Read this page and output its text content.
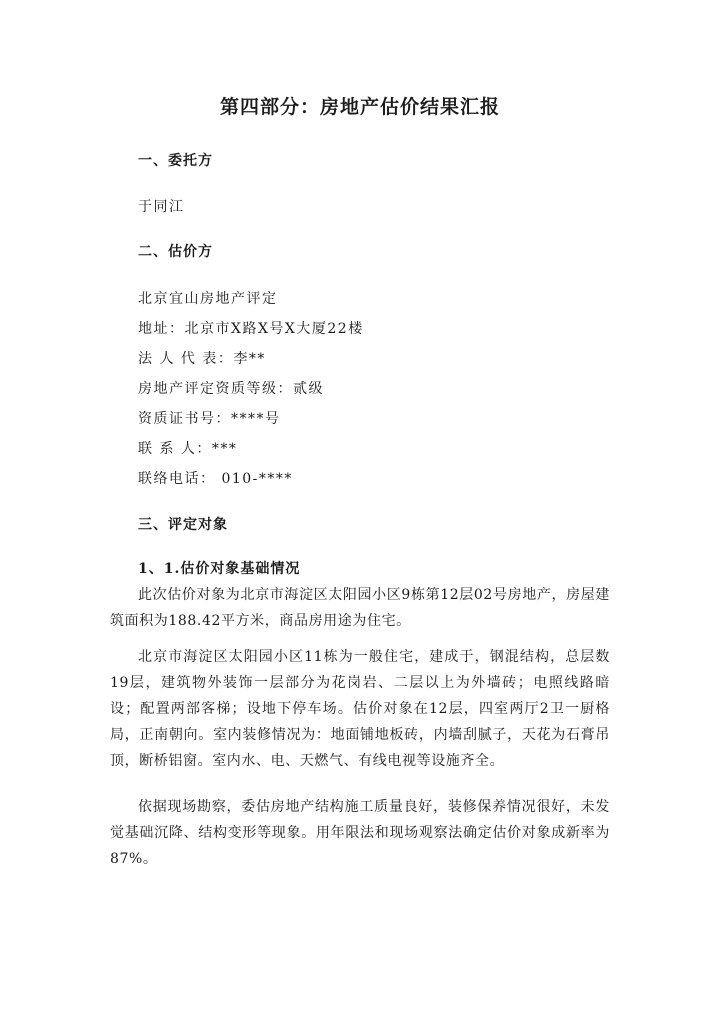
第四部分：房地产估价结果汇报
一、委托方
于同江
二、估价方
北京宜山房地产评定
地址：北京市X路X号X大厦22楼
法 人 代 表：李**
房地产评定资质等级：贰级
资质证书号：****号
联 系 人：***
联络电话： 010-****
三、评定对象
1、1.估价对象基础情况
此次估价对象为北京市海淀区太阳园小区9栋第12层02号房地产，房屋建筑面积为188.42平方米，商品房用途为住宅。
北京市海淀区太阳园小区11栋为一般住宅，建成于，钢混结构，总层数19层，建筑物外装饰一层部分为花岗岩、二层以上为外墙砖；电照线路暗设；配置两部客梯；设地下停车场。估价对象在12层，四室两厅2卫一厨格局，正南朝向。室内装修情况为：地面铺地板砖，内墙刮腻子，天花为石膏吊顶，断桥铝窗。室内水、电、天燃气、有线电视等设施齐全。
依据现场勘察，委估房地产结构施工质量良好，装修保养情况很好，未发觉基础沉降、结构变形等现象。用年限法和现场观察法确定估价对象成新率为87%。
